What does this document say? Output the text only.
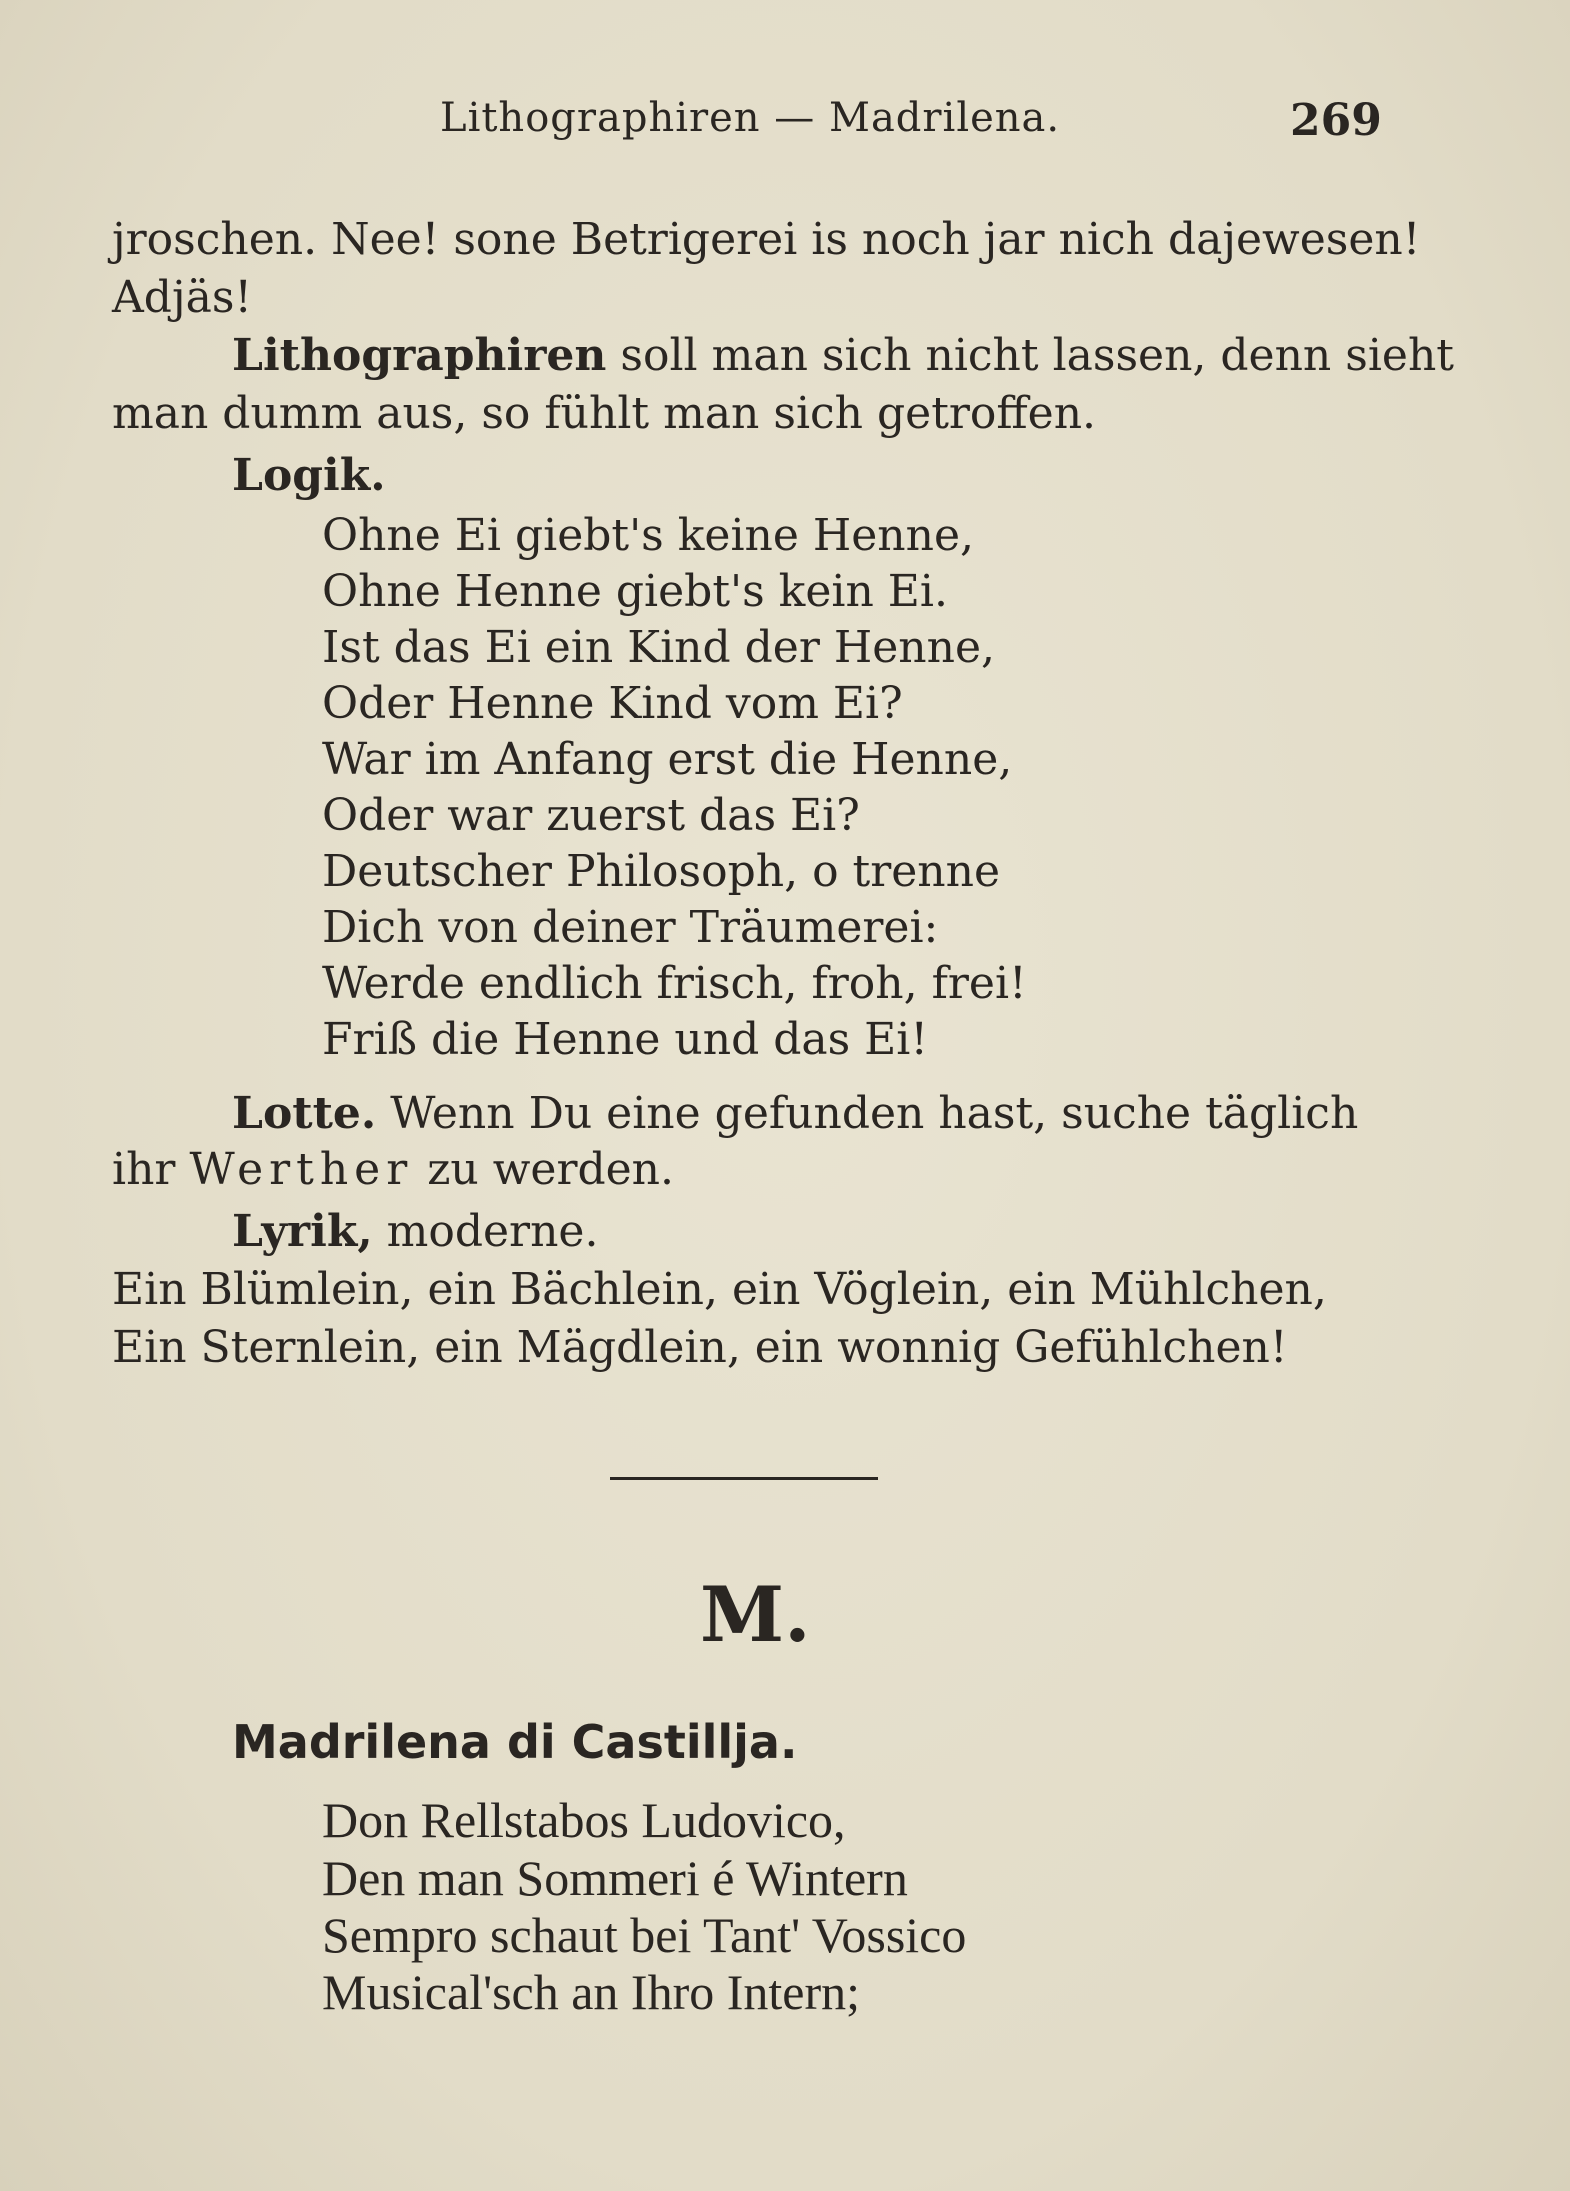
Lithographiren — Madrilena.	269
jroschen. Nee! sone Betrigerei is noch jar nich dajewesen!
Adjäs!
Lithographiren soll man sich nicht lassen, denn sieht
man dumm aus, so fühlt man sich getroffen.
Logik.
Ohne Ei giebt's keine Henne,
Ohne Henne giebt's kein Ei.
Ist das Ei ein Kind der Henne,
Oder Henne Kind vom Ei?
War im Anfang erst die Henne,
Oder war zuerst das Ei?
Deutscher Philosoph, o trenne
Dich von deiner Träumerei:
Werde endlich frisch, froh, frei!
Friß die Henne und das Ei!
Lotte. Wenn Du eine gefunden hast, suche täglich
ihr Werther zu werden.
Lyrik, moderne.
Ein Blümlein, ein Bächlein, ein Vöglein, ein Mühlchen,
Ein Sternlein, ein Mägdlein, ein wonnig Gefühlchen!
M.
Madrilena di Castillja.
Don Rellstabos Ludovico,
Den man Sommeri é Wintern
Sempro schaut bei Tant' Vossico
Musical'sch an Ihro Intern;
